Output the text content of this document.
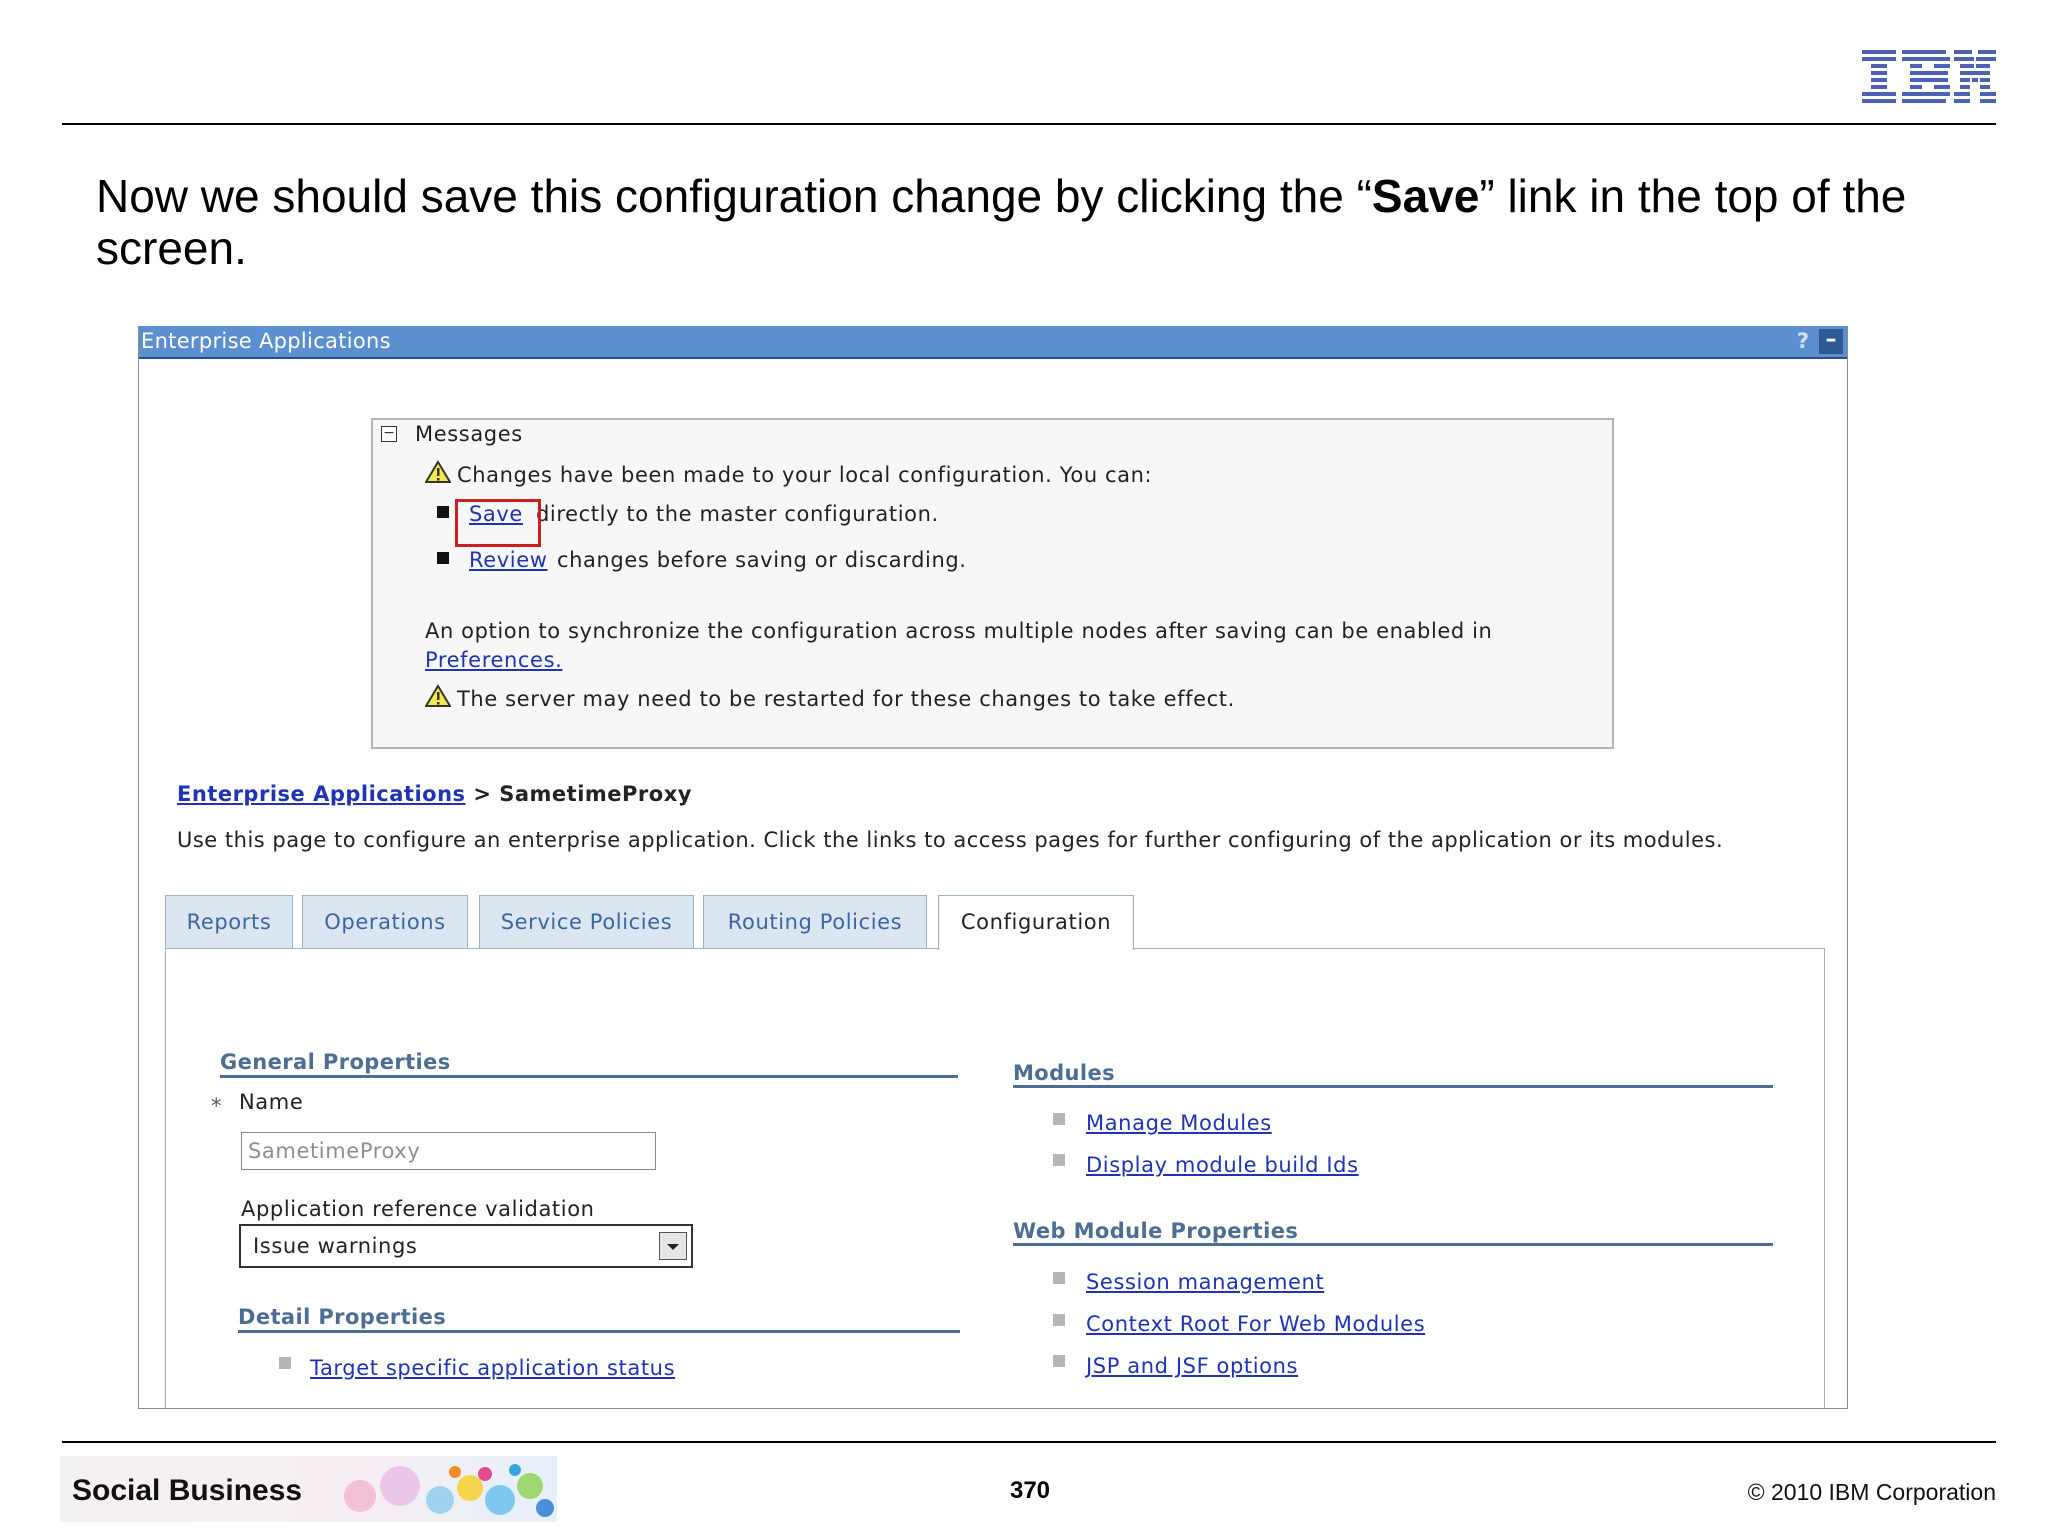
Now we should save this configuration change by clicking the “Save” link in the top of the screen.
Enterprise Applications	? –
− Messages
Changes have been made to your local configuration. You can:
Save directly to the master configuration.
Review changes before saving or discarding.
An option to synchronize the configuration across multiple nodes after saving can be enabled in
Preferences.
The server may need to be restarted for these changes to take effect.
Enterprise Applications > SametimeProxy
Use this page to configure an enterprise application. Click the links to access pages for further configuring of the application or its modules.
Reports	Operations	Service Policies	Routing Policies	Configuration
General Properties
* Name
SametimeProxy
Application reference validation
Issue warnings
Detail Properties
Target specific application status
Modules
Manage Modules
Display module build Ids
Web Module Properties
Session management
Context Root For Web Modules
JSP and JSF options
Social Business	370	© 2010 IBM Corporation
